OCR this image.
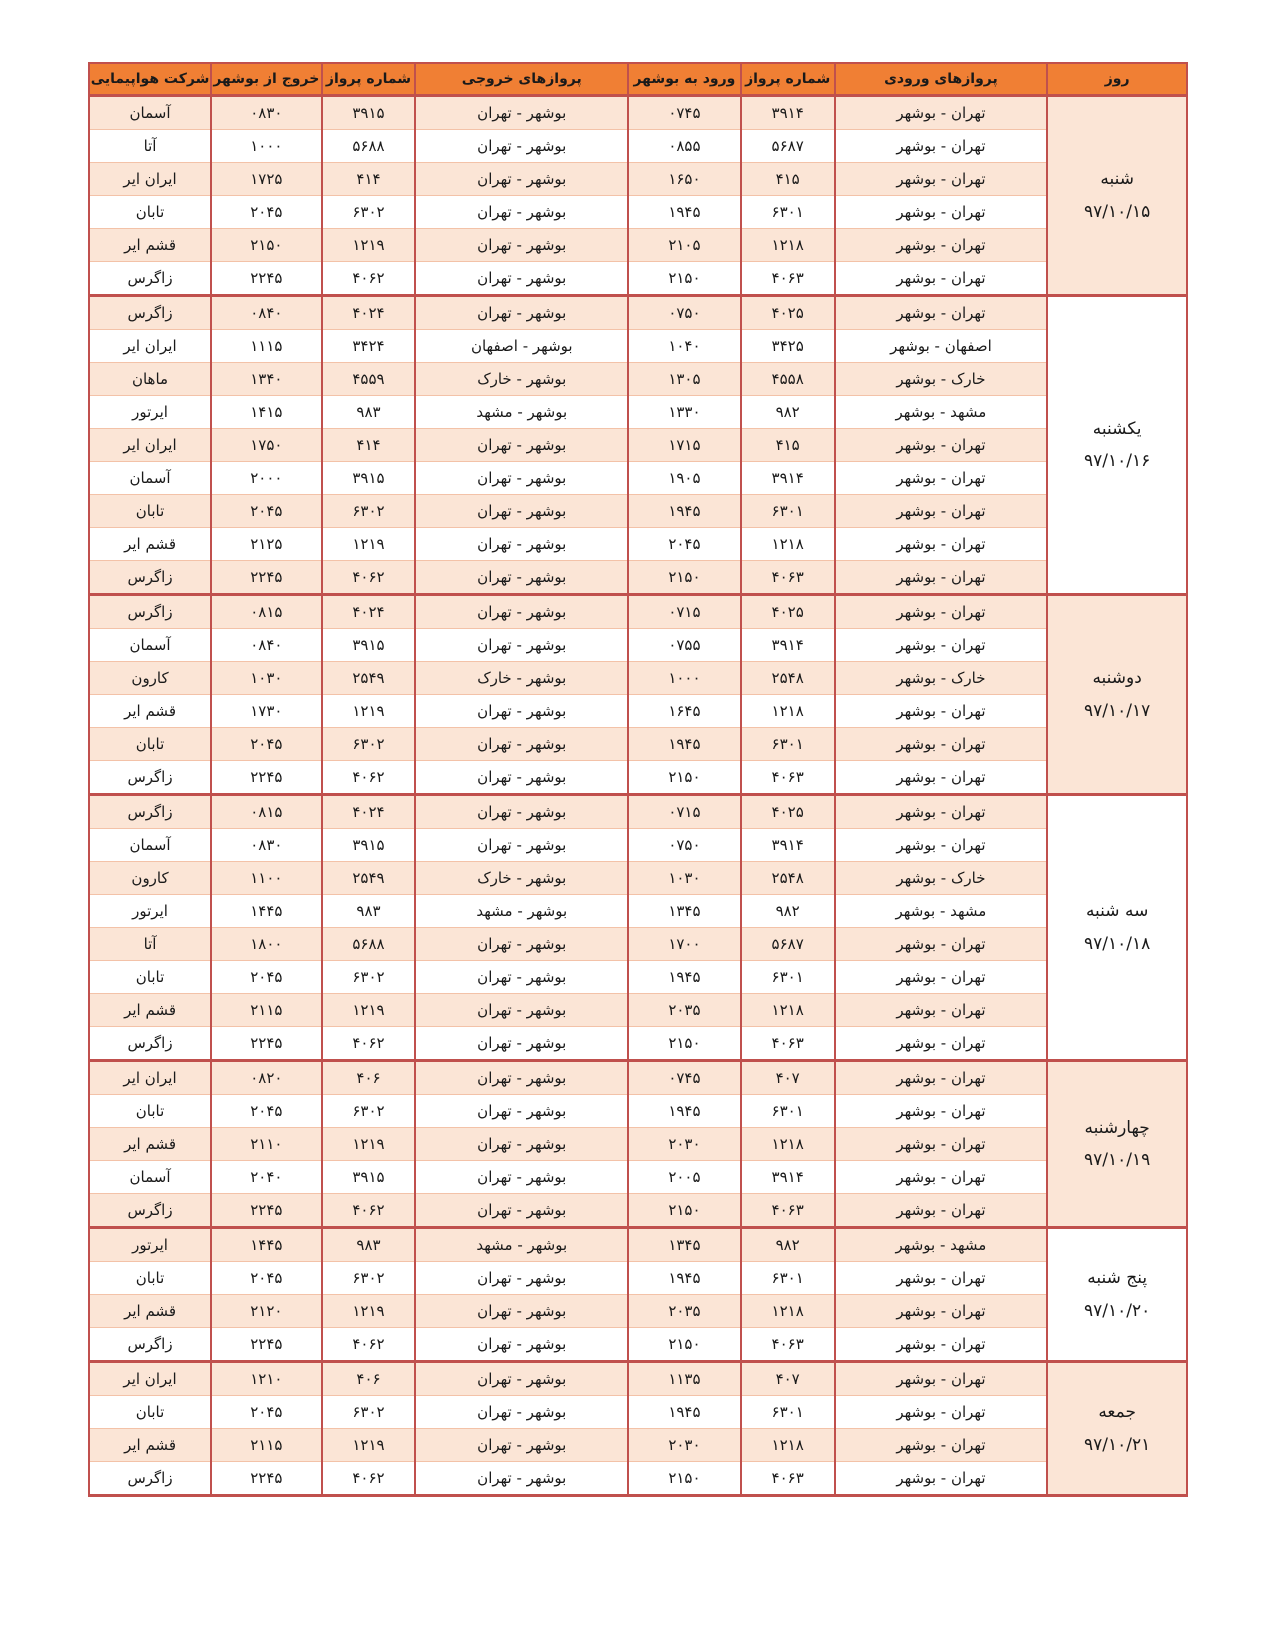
روز	پروازهای ورودی	شماره پرواز	ورود به بوشهر	پروازهای خروجی	شماره پرواز	خروج از بوشهر	شرکت هواپیمایی

شنبه
۹۷/۱۰/۱۵	تهران - بوشهر	۳۹۱۴	۰۷۴۵	بوشهر - تهران	۳۹۱۵	۰۸۳۰	آسمان
	تهران - بوشهر	۵۶۸۷	۰۸۵۵	بوشهر - تهران	۵۶۸۸	۱۰۰۰	آتا
	تهران - بوشهر	۴۱۵	۱۶۵۰	بوشهر - تهران	۴۱۴	۱۷۲۵	ایران ایر
	تهران - بوشهر	۶۳۰۱	۱۹۴۵	بوشهر - تهران	۶۳۰۲	۲۰۴۵	تابان
	تهران - بوشهر	۱۲۱۸	۲۱۰۵	بوشهر - تهران	۱۲۱۹	۲۱۵۰	قشم ایر
	تهران - بوشهر	۴۰۶۳	۲۱۵۰	بوشهر - تهران	۴۰۶۲	۲۲۴۵	زاگرس

یکشنبه
۹۷/۱۰/۱۶	تهران - بوشهر	۴۰۲۵	۰۷۵۰	بوشهر - تهران	۴۰۲۴	۰۸۴۰	زاگرس
	اصفهان - بوشهر	۳۴۲۵	۱۰۴۰	بوشهر - اصفهان	۳۴۲۴	۱۱۱۵	ایران ایر
	خارک - بوشهر	۴۵۵۸	۱۳۰۵	بوشهر - خارک	۴۵۵۹	۱۳۴۰	ماهان
	مشهد - بوشهر	۹۸۲	۱۳۳۰	بوشهر - مشهد	۹۸۳	۱۴۱۵	ایرتور
	تهران - بوشهر	۴۱۵	۱۷۱۵	بوشهر - تهران	۴۱۴	۱۷۵۰	ایران ایر
	تهران - بوشهر	۳۹۱۴	۱۹۰۵	بوشهر - تهران	۳۹۱۵	۲۰۰۰	آسمان
	تهران - بوشهر	۶۳۰۱	۱۹۴۵	بوشهر - تهران	۶۳۰۲	۲۰۴۵	تابان
	تهران - بوشهر	۱۲۱۸	۲۰۴۵	بوشهر - تهران	۱۲۱۹	۲۱۲۵	قشم ایر
	تهران - بوشهر	۴۰۶۳	۲۱۵۰	بوشهر - تهران	۴۰۶۲	۲۲۴۵	زاگرس

دوشنبه
۹۷/۱۰/۱۷	تهران - بوشهر	۴۰۲۵	۰۷۱۵	بوشهر - تهران	۴۰۲۴	۰۸۱۵	زاگرس
	تهران - بوشهر	۳۹۱۴	۰۷۵۵	بوشهر - تهران	۳۹۱۵	۰۸۴۰	آسمان
	خارک - بوشهر	۲۵۴۸	۱۰۰۰	بوشهر - خارک	۲۵۴۹	۱۰۳۰	کارون
	تهران - بوشهر	۱۲۱۸	۱۶۴۵	بوشهر - تهران	۱۲۱۹	۱۷۳۰	قشم ایر
	تهران - بوشهر	۶۳۰۱	۱۹۴۵	بوشهر - تهران	۶۳۰۲	۲۰۴۵	تابان
	تهران - بوشهر	۴۰۶۳	۲۱۵۰	بوشهر - تهران	۴۰۶۲	۲۲۴۵	زاگرس

سه شنبه
۹۷/۱۰/۱۸	تهران - بوشهر	۴۰۲۵	۰۷۱۵	بوشهر - تهران	۴۰۲۴	۰۸۱۵	زاگرس
	تهران - بوشهر	۳۹۱۴	۰۷۵۰	بوشهر - تهران	۳۹۱۵	۰۸۳۰	آسمان
	خارک - بوشهر	۲۵۴۸	۱۰۳۰	بوشهر - خارک	۲۵۴۹	۱۱۰۰	کارون
	مشهد - بوشهر	۹۸۲	۱۳۴۵	بوشهر - مشهد	۹۸۳	۱۴۴۵	ایرتور
	تهران - بوشهر	۵۶۸۷	۱۷۰۰	بوشهر - تهران	۵۶۸۸	۱۸۰۰	آتا
	تهران - بوشهر	۶۳۰۱	۱۹۴۵	بوشهر - تهران	۶۳۰۲	۲۰۴۵	تابان
	تهران - بوشهر	۱۲۱۸	۲۰۳۵	بوشهر - تهران	۱۲۱۹	۲۱۱۵	قشم ایر
	تهران - بوشهر	۴۰۶۳	۲۱۵۰	بوشهر - تهران	۴۰۶۲	۲۲۴۵	زاگرس

چهارشنبه
۹۷/۱۰/۱۹	تهران - بوشهر	۴۰۷	۰۷۴۵	بوشهر - تهران	۴۰۶	۰۸۲۰	ایران ایر
	تهران - بوشهر	۶۳۰۱	۱۹۴۵	بوشهر - تهران	۶۳۰۲	۲۰۴۵	تابان
	تهران - بوشهر	۱۲۱۸	۲۰۳۰	بوشهر - تهران	۱۲۱۹	۲۱۱۰	قشم ایر
	تهران - بوشهر	۳۹۱۴	۲۰۰۵	بوشهر - تهران	۳۹۱۵	۲۰۴۰	آسمان
	تهران - بوشهر	۴۰۶۳	۲۱۵۰	بوشهر - تهران	۴۰۶۲	۲۲۴۵	زاگرس

پنج شنبه
۹۷/۱۰/۲۰	مشهد - بوشهر	۹۸۲	۱۳۴۵	بوشهر - مشهد	۹۸۳	۱۴۴۵	ایرتور
	تهران - بوشهر	۶۳۰۱	۱۹۴۵	بوشهر - تهران	۶۳۰۲	۲۰۴۵	تابان
	تهران - بوشهر	۱۲۱۸	۲۰۳۵	بوشهر - تهران	۱۲۱۹	۲۱۲۰	قشم ایر
	تهران - بوشهر	۴۰۶۳	۲۱۵۰	بوشهر - تهران	۴۰۶۲	۲۲۴۵	زاگرس

جمعه
۹۷/۱۰/۲۱	تهران - بوشهر	۴۰۷	۱۱۳۵	بوشهر - تهران	۴۰۶	۱۲۱۰	ایران ایر
	تهران - بوشهر	۶۳۰۱	۱۹۴۵	بوشهر - تهران	۶۳۰۲	۲۰۴۵	تابان
	تهران - بوشهر	۱۲۱۸	۲۰۳۰	بوشهر - تهران	۱۲۱۹	۲۱۱۵	قشم ایر
	تهران - بوشهر	۴۰۶۳	۲۱۵۰	بوشهر - تهران	۴۰۶۲	۲۲۴۵	زاگرس
